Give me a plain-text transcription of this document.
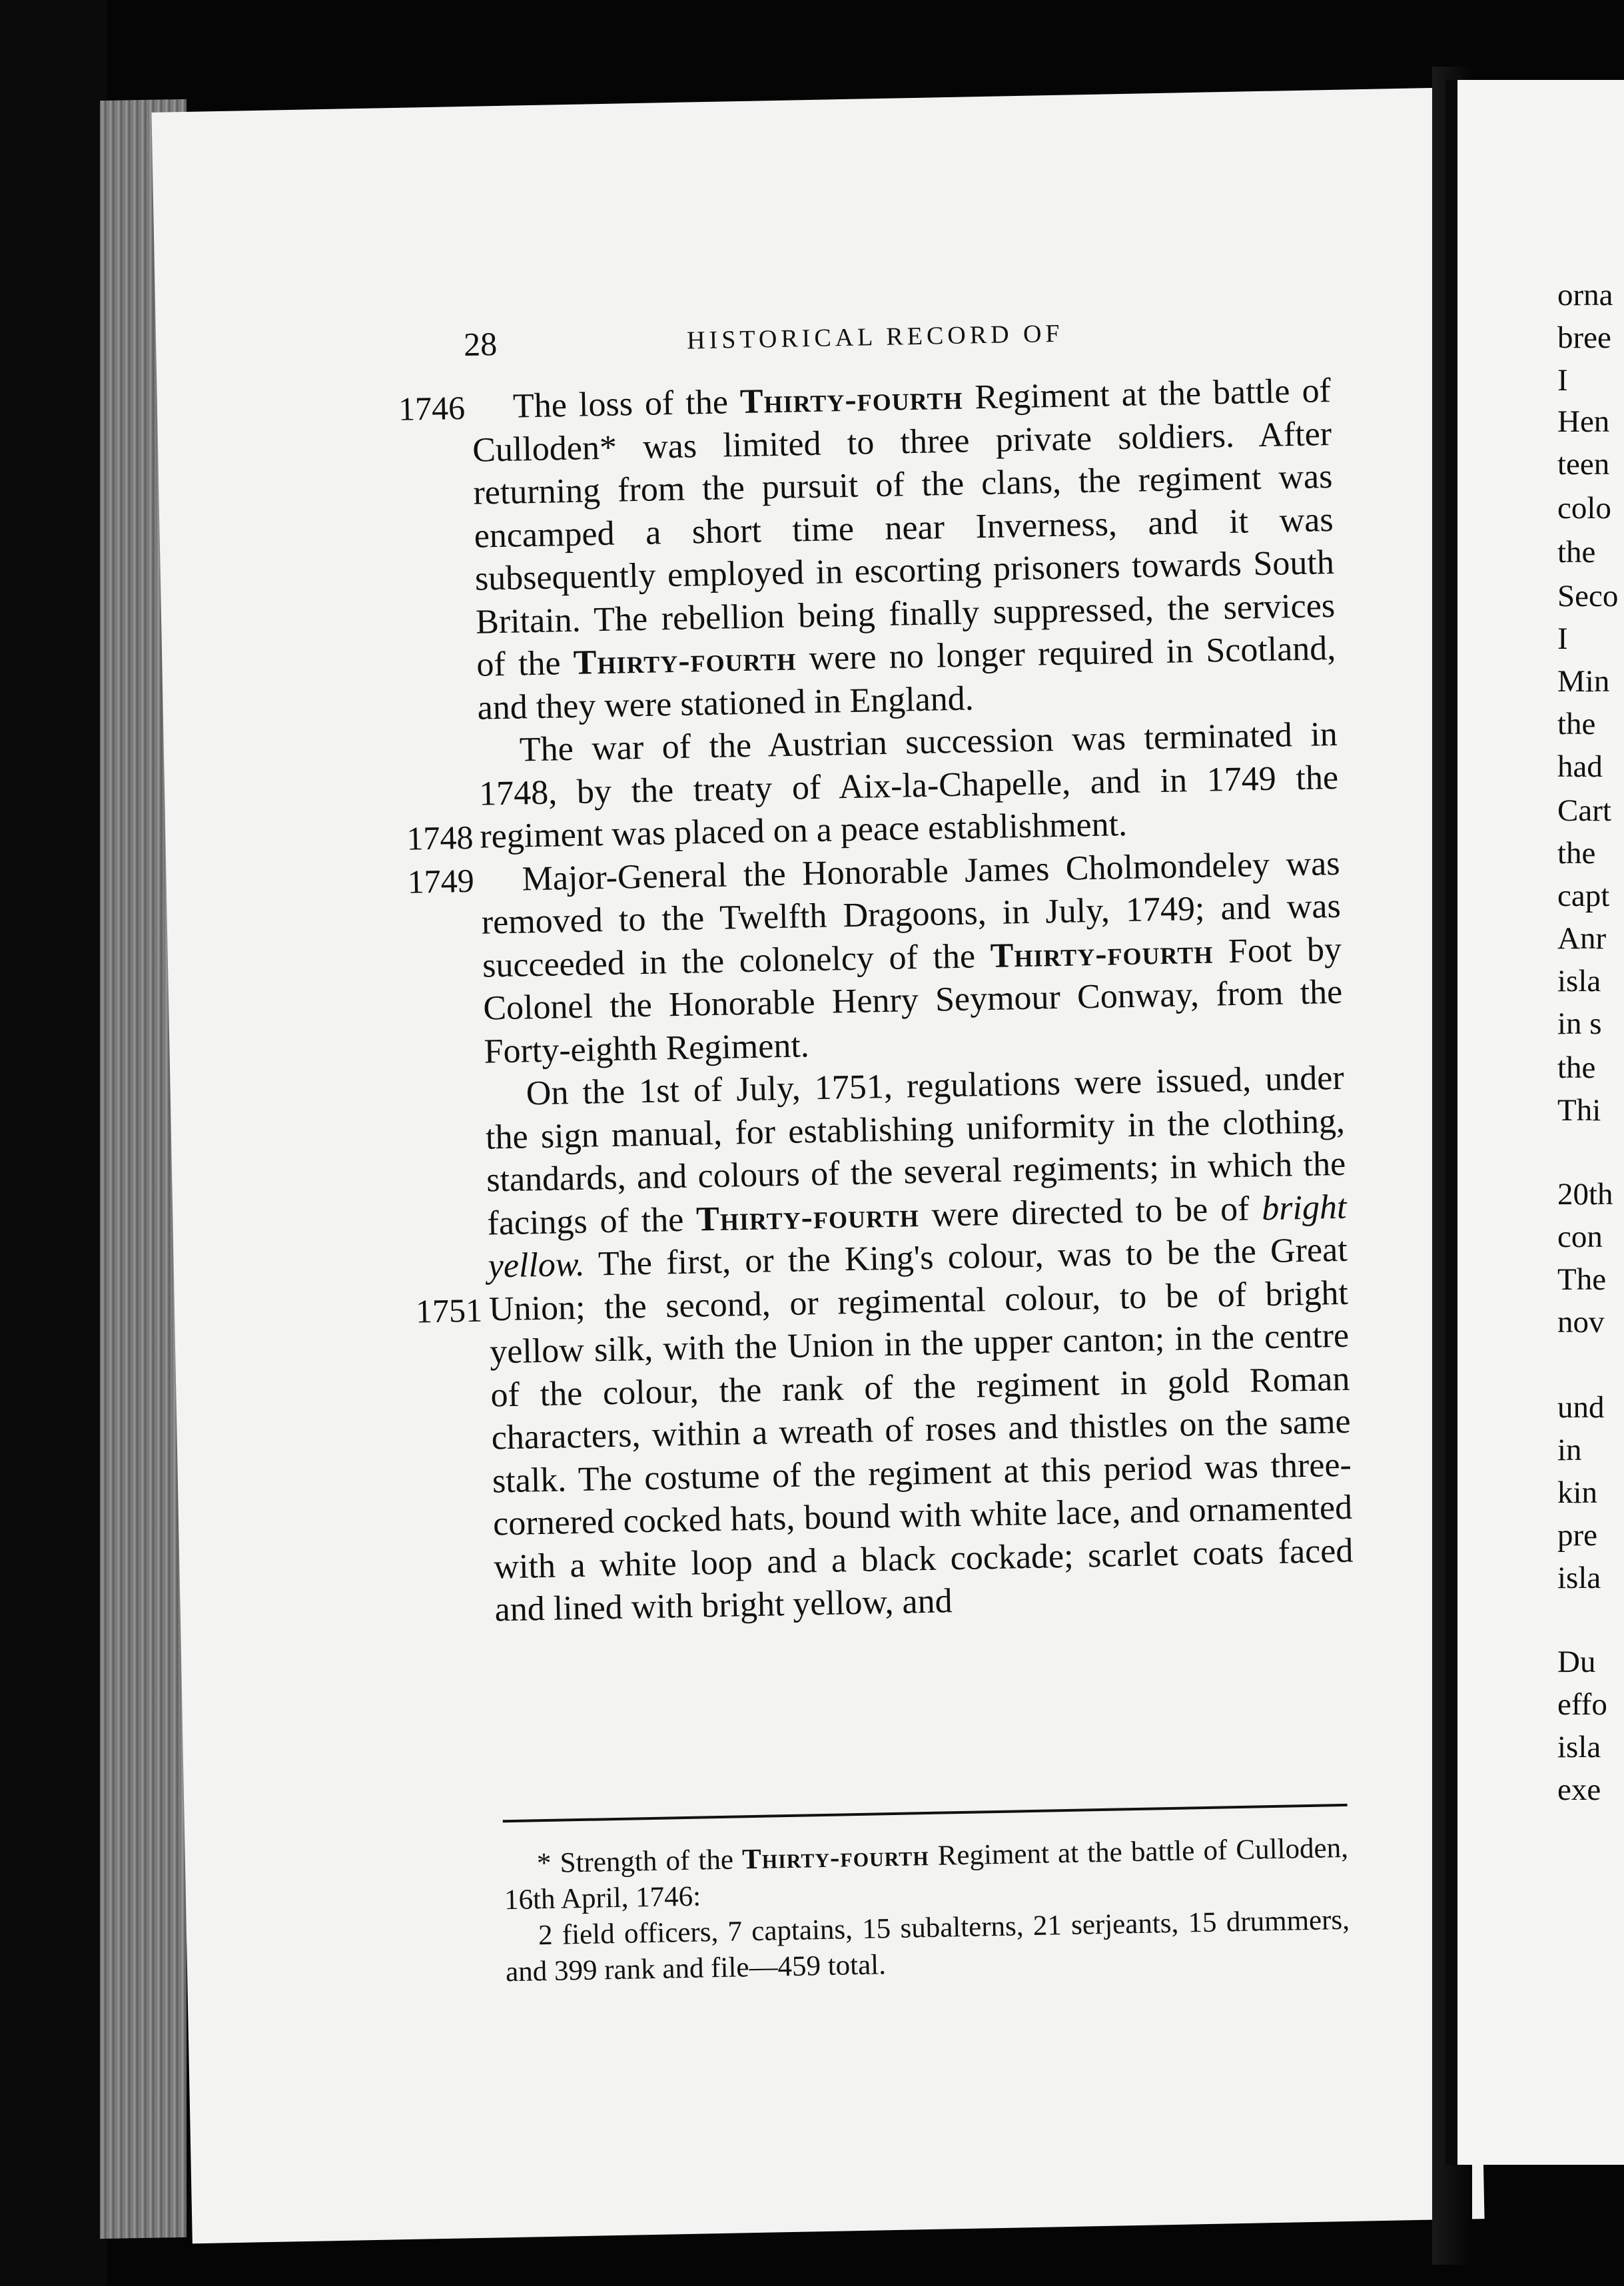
28	HISTORICAL RECORD OF
1746	The loss of the Thirty-fourth Regiment at the battle of Culloden* was limited to three private soldiers. After returning from the pursuit of the clans, the regiment was encamped a short time near Inverness, and it was subsequently employed in escorting prisoners towards South Britain. The rebellion being finally suppressed, the services of the Thirty-fourth were no longer required in Scotland, and they were stationed in England.

1748
1749

The war of the Austrian succession was terminated in 1748, by the treaty of Aix-la-Chapelle, and in 1749 the regiment was placed on a peace establishment.

Major-General the Honorable James Cholmondeley was removed to the Twelfth Dragoons, in July, 1749; and was succeeded in the colonelcy of the Thirty-fourth Foot by Colonel the Honorable Henry Seymour Conway, from the Forty-eighth Regiment.

1751

On the 1st of July, 1751, regulations were issued, under the sign manual, for establishing uniformity in the clothing, standards, and colours of the several regiments; in which the facings of the Thirty-fourth were directed to be of bright yellow. The first, or the King's colour, was to be the Great Union; the second, or regimental colour, to be of bright yellow silk, with the Union in the upper canton; in the centre of the colour, the rank of the regiment in gold Roman characters, within a wreath of roses and thistles on the same stalk. The costume of the regiment at this period was three-cornered cocked hats, bound with white lace, and ornamented with a white loop and a black cockade; scarlet coats faced and lined with bright yellow, and

* Strength of the Thirty-fourth Regiment at the battle of Culloden, 16th April, 1746:

2 field officers, 7 captains, 15 subalterns, 21 serjeants, 15 drummers, and 399 rank and file—459 total.

orna
bree
I
Hen
teen
colo
the
Seco
I
Min
the
had
Cart
the
capt
Anr
isla
in s
the
Thi
20th
con
The
nov
und
in
kin
pre
isla
Du
effo
isla
exe
